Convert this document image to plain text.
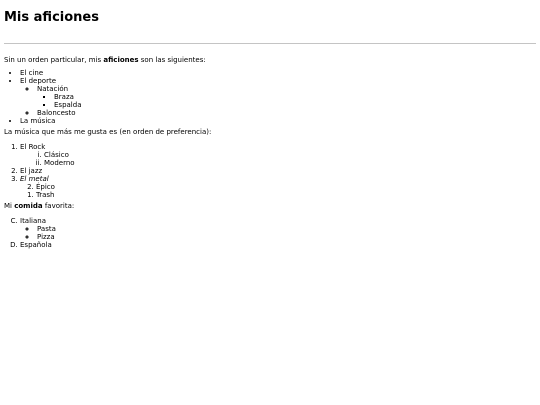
Mis aficiones

Sin un orden particular, mis aficiones son las siguientes:

• El cine
• El deporte
◦ Natación
▪ Braza
▪ Espalda
◦ Baloncesto
• La música

La música que más me gusta es (en orden de preferencia):

1. El Rock
i. Clásico
ii. Moderno
2. El jazz
3. El metal
2. Épico
1. Trash

Mi comida favorita:

C. Italiana
◦ Pasta
◦ Pizza
D. Española
